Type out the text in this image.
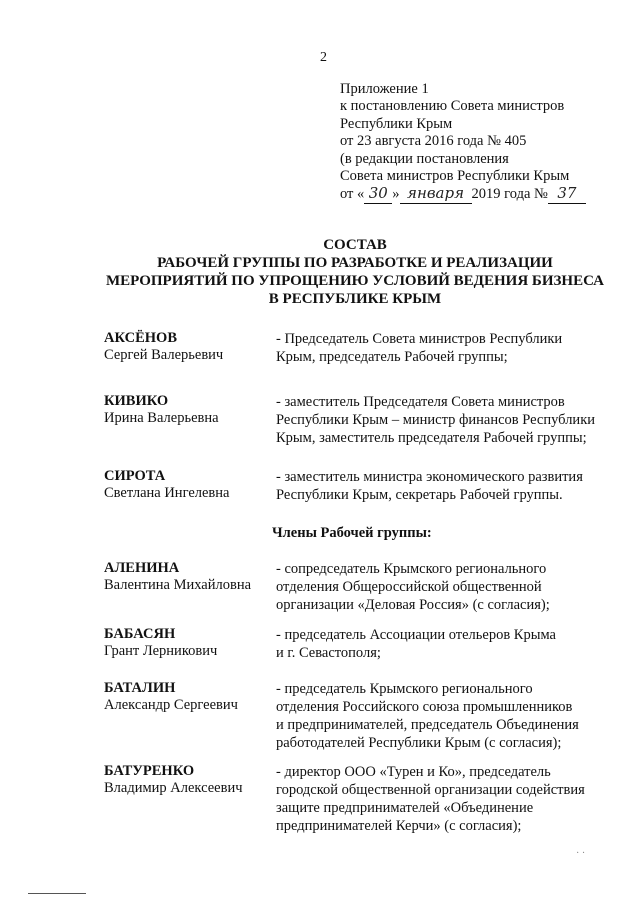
2
Приложение 1
к постановлению Совета министров
Республики Крым
от 23 августа 2016 года № 405
(в редакции постановления
Совета министров Республики Крым
от « 30 » января 2019 года № 37
СОСТАВ
РАБОЧЕЙ ГРУППЫ ПО РАЗРАБОТКЕ И РЕАЛИЗАЦИИ
МЕРОПРИЯТИЙ ПО УПРОЩЕНИЮ УСЛОВИЙ ВЕДЕНИЯ БИЗНЕСА
В РЕСПУБЛИКЕ КРЫМ
АКСЁНОВ
Сергей Валерьевич
- Председатель Совета министров Республики
Крым, председатель Рабочей группы;
КИВИКО
Ирина Валерьевна
- заместитель Председателя Совета министров
Республики Крым – министр финансов Республики
Крым, заместитель председателя Рабочей группы;
СИРОТА
Светлана Ингелевна
- заместитель министра экономического развития
Республики Крым, секретарь Рабочей группы.
Члены Рабочей группы:
АЛЕНИНА
Валентина Михайловна
- сопредседатель Крымского регионального
отделения Общероссийской общественной
организации «Деловая Россия» (с согласия);
БАБАСЯН
Грант Лерникович
- председатель Ассоциации отельеров Крыма
и г. Севастополя;
БАТАЛИН
Александр Сергеевич
- председатель Крымского регионального
отделения Российского союза промышленников
и предпринимателей, председатель Объединения
работодателей Республики Крым (с согласия);
БАТУРЕНКО
Владимир Алексеевич
- директор ООО «Турен и Ко», председатель
городской общественной организации содействия
защите предпринимателей «Объединение
предпринимателей Керчи» (с согласия);
· ·
